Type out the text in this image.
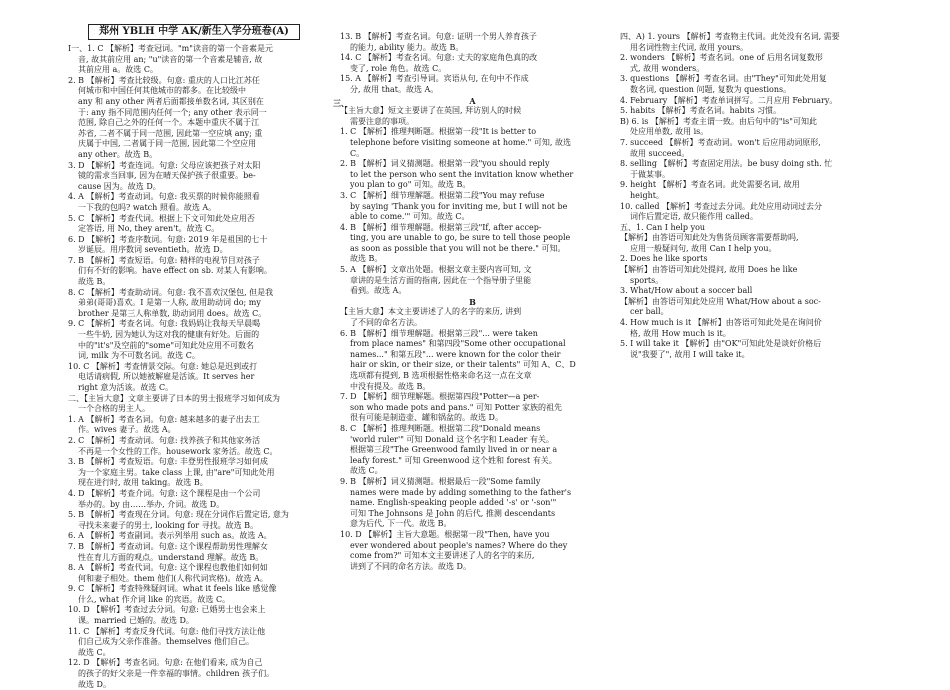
郑州 YBLH 中学 AK/新生入学分班卷(A)
Ⅰ一、1. C 【解析】考查冠词。"m"读音的第一个音素是元
音, 故其前应用 an; "u"读音的第一个音素是辅音, 故
其前应用 a。故选 C。
2. B 【解析】考查比较级。句意: 重庆的人口比江苏任
何城市和中国任何其他城市的都多。在比较级中
any 和 any other 两者后面都接单数名词, 其区别在
于: any 指不同范围内任何一个; any other 表示同一
范围, 除自己之外的任何一个。本题中重庆不属于江
苏省, 二者不属于同一范围, 因此第一空应填 any; 重
庆属于中国, 二者属于同一范围, 因此第二个空应用
any other。故选 B。
3. D 【解析】考查连词。句意: 父母应该把孩子对太阳
镜的需求当回事, 因为在晴天保护孩子很重要。be-
cause 因为。故选 D。
4. A 【解析】考查动词。句意: 我买票的时候你能照看
一下我的包吗? watch 照看。故选 A。
5. C 【解析】考查代词。根据上下文可知此处应用否
定答语, 用 No, they aren't。故选 C。
6. D 【解析】考查序数词。句意: 2019 年是祖国的七十
岁诞辰。用序数词 seventieth。故选 D。
7. B 【解析】考查短语。句意: 精样的电视节目对孩子
们有不好的影响。have effect on sb. 对某人有影响。
故选 B。
8. C 【解析】考查助动词。句意: 我不喜欢汉堡包, 但是我
弟弟(哥哥)喜欢。I 是第一人称, 故用助动词 do; my
brother 是第三人称单数, 助动词用 does。故选 C。
9. C 【解析】考查名词。句意: 我妈妈让我每天早晨喝
一些牛奶, 因为她认为这对我的健康有好处。后面的
中的"it's"及空前的"some"可知此处应用不可数名
词, milk 为不可数名词。故选 C。
10. C 【解析】考查情景交际。句意: 她总是迟到或打
电话请病假, 所以她被解雇是活该。It serves her
right 意为活该。故选 C。
二、【主旨大意】文章主要讲了日本的男士报班学习如何成为
一个合格的男主人。
1. A 【解析】考查名词。句意: 越来越多的妻子出去工
作。wives 妻子。故选 A。
2. C 【解析】考查动词。句意: 找养孩子和其他家务活
不再是一个女性的工作。housework 家务活。故选 C。
3. B 【解析】考查短语。句意: 丰登男性报班学习如何成
为一个家庭主男。take class 上课, 由"are"可知此处用
现在进行时, 故用 taking。故选 B。
4. D 【解析】考查介词。句意: 这个课程是由一个公司
举办的。by 由……举办, 介词。故选 D。
5. B 【解析】考查现在分词。句意: 现在分词作后置定语, 意为
寻找未来妻子的男士, looking for 寻找。故选 B。
6. A 【解析】考查副词。表示列举用 such as。故选 A。
7. B 【解析】考查动词。句意: 这个课程帮助男性理解女
性在育儿方面的观点。understand 理解。故选 B。
8. A 【解析】考查代词。句意: 这个课程也教他们如何如
何和妻子相处。them 他们(人称代词宾格)。故选 A。
9. C 【解析】考查特殊疑问词。what it feels like 感觉像
什么, what 作介词 like 的宾语。故选 C。
10. D 【解析】考查过去分词。句意: 已婚男士也会来上
课。married 已婚的。故选 D。
11. C 【解析】考查反身代词。句意: 他们寻找方法让他
们自己成为父亲作准备。themselves 他们自己。
故选 C。
12. D 【解析】考查名词。句意: 在他们看来, 成为自己
的孩子的好父亲是一件幸福的事情。children 孩子们。
故选 D。
三、
13. B 【解析】考查名词。句意: 证明一个男人养育孩子
的能力, ability 能力。故选 B。
14. C 【解析】考查名词。句意: 丈夫的家庭角色真的改
变了, role 角色。故选 C。
15. A 【解析】考查引导词。宾语从句, 在句中不作成
分, 故用 that。故选 A。
A
【主旨大意】短文主要讲了在英国, 拜访别人的时候
需要注意的事项。
1. C 【解析】推理判断题。根据第一段"It is better to
telephone before visiting someone at home." 可知, 故选
C。
2. B 【解析】词义猜测题。根据第一段"you should reply
to let the person who sent the invitation know whether
you plan to go" 可知。故选 B。
3. C 【解析】细节理解题。根据第二段"You may refuse
by saying 'Thank you for inviting me, but I will not be
able to come.'" 可知。故选 C。
4. B 【解析】细节理解题。根据第三段"If, after accep-
ting, you are unable to go, be sure to tell those people
as soon as possible that you will not be there." 可知。
故选 B。
5. A 【解析】文章出处题。根据文章主要内容可知, 文
章讲的是生活方面的指南, 因此在一个指导册子里能
看到。故选 A。
B
【主旨大意】本文主要讲述了人的名字的来历, 讲到
了不同的命名方法。
6. B 【解析】细节理解题。根据第三段"... were taken
from place names" 和第四段"Some other occupational
names..." 和第五段"... were known for the color their
hair or skin, or their size, or their talents" 可知 A、C、D
选项都有提到, B 选项根据性格来命名这一点在文章
中没有提及。故选 B。
7. D 【解析】细节理解题。根据第四段"Potter—a per-
son who made pots and pans." 可知 Potter 家族的祖先
很有可能是制造壶、罐和锅盆的。故选 D。
8. C 【解析】推理判断题。根据第二段"Donald means
'world ruler'" 可知 Donald 这个名字和 Leader 有关。
根据第三段"The Greenwood family lived in or near a
leafy forest." 可知 Greenwood 这个姓和 forest 有关。
故选 C。
9. B 【解析】词义猜测题。根据最后一段"Some family
names were made by adding something to the father's
name. English-speaking people added '-s' or '-son'"
可知 The Johnsons 是 John 的后代, 推测 descendants
意为后代, 下一代。故选 B。
10. D 【解析】主旨大意题。根据第一段"Then, have you
ever wondered about people's names? Where do they
come from?" 可知本文主要讲述了人的名字的来历,
讲到了不同的命名方法。故选 D。
四、A) 1. yours 【解析】考查物主代词。此处没有名词, 需要
用名词性物主代词, 故用 yours。
2. wonders 【解析】考查名词。one of 后用名词复数形
式, 故用 wonders。
3. questions 【解析】考查名词。由"They"可知此处用复
数名词, question 问题, 复数为 questions。
4. February 【解析】考查单词拼写。二月应用 February。
5. habits 【解析】考查名词。habits 习惯。
B) 6. is 【解析】考查主谓一致。由后句中的"is"可知此
处应用单数, 故用 is。
7. succeed 【解析】考查动词。won't 后应用动词原形,
故用 succeed。
8. selling 【解析】考查固定用法。be busy doing sth. 忙
于做某事。
9. height 【解析】考查名词。此处需要名词, 故用
height。
10. called 【解析】考查过去分词。此处应用动词过去分
词作后置定语, 故只能作用 called。
五、1. Can I help you
【解析】由答语可知此处为售货员顾客需要帮助吗,
应用一般疑问句, 故用 Can I help you。
2. Does he like sports
【解析】由答语可知此处提问, 故用 Does he like
sports。
3. What/How about a soccer ball
【解析】由答语可知此处应用 What/How about a soc-
cer ball。
4. How much is it 【解析】由答语可知此处是在询问价
格, 故用 How much is it。
5. I will take it 【解析】由"OK"可知此处是谈好价格后
说"我要了", 故用 I will take it。
